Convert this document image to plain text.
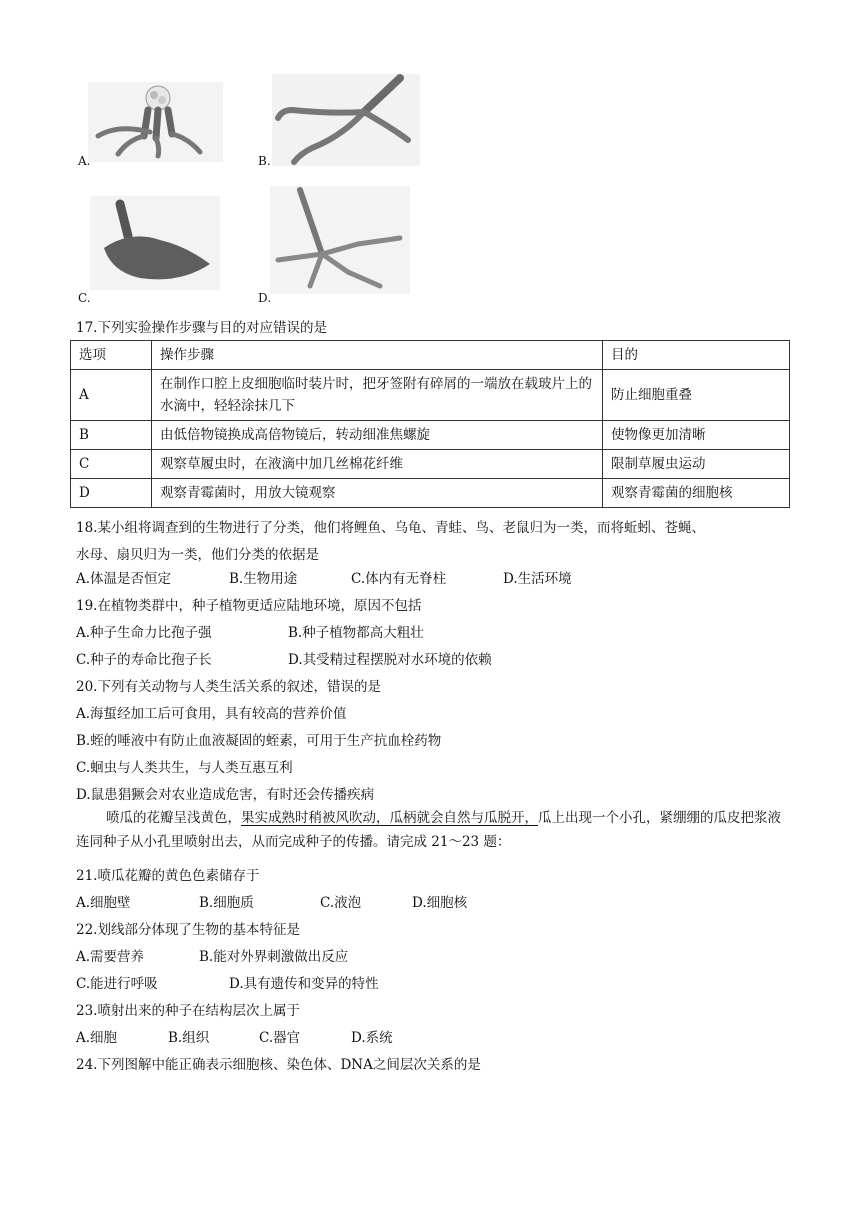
A.	B.
C.	D.
17.下列实验操作步骤与目的对应错误的是
选项	操作步骤	目的
A	在制作口腔上皮细胞临时装片时，把牙签附有碎屑的一端放在载玻片上的水滴中，轻轻涂抹几下	防止细胞重叠
B	由低倍物镜换成高倍物镜后，转动细准焦螺旋	使物像更加清晰
C	观察草履虫时，在液滴中加几丝棉花纤维	限制草履虫运动
D	观察青霉菌时，用放大镜观察	观察青霉菌的细胞核
18.某小组将调查到的生物进行了分类，他们将鲤鱼、乌龟、青蛙、鸟、老鼠归为一类，而将蚯蚓、苍蝇、
水母、扇贝归为一类，他们分类的依据是
A.体温是否恒定	B.生物用途	C.体内有无脊柱	D.生活环境
19.在植物类群中，种子植物更适应陆地环境，原因不包括
A.种子生命力比孢子强	B.种子植物都高大粗壮
C.种子的寿命比孢子长	D.其受精过程摆脱对水环境的依赖
20.下列有关动物与人类生活关系的叙述，错误的是
A.海蜇经加工后可食用，具有较高的营养价值
B.蛭的唾液中有防止血液凝固的蛭素，可用于生产抗血栓药物
C.蛔虫与人类共生，与人类互惠互利
D.鼠患猖獗会对农业造成危害，有时还会传播疾病
喷瓜的花瓣呈浅黄色，果实成熟时稍被风吹动，瓜柄就会自然与瓜脱开，瓜上出现一个小孔，紧绷绷的瓜皮把浆液连同种子从小孔里喷射出去，从而完成种子的传播。请完成 21～23 题：
21.喷瓜花瓣的黄色色素储存于
A.细胞壁	B.细胞质	C.液泡	D.细胞核
22.划线部分体现了生物的基本特征是
A.需要营养	B.能对外界刺激做出反应
C.能进行呼吸	D.具有遗传和变异的特性
23.喷射出来的种子在结构层次上属于
A.细胞	B.组织	C.器官	D.系统
24.下列图解中能正确表示细胞核、染色体、DNA之间层次关系的是
